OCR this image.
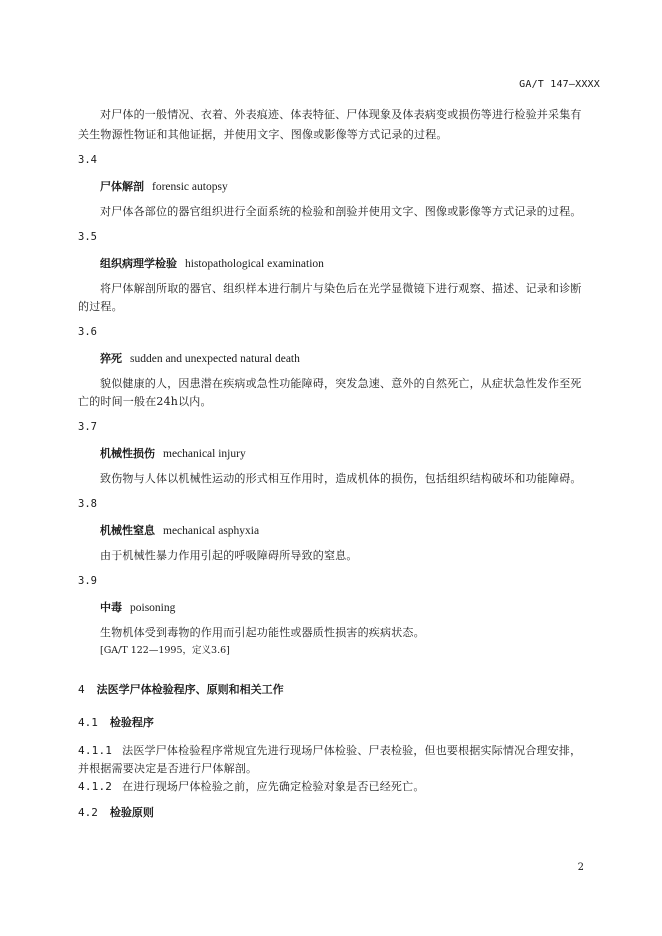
GA/T 147—XXXX
对尸体的一般情况、衣着、外表痕迹、体表特征、尸体现象及体表病变或损伤等进行检验并采集有
关生物源性物证和其他证据，并使用文字、图像或影像等方式记录的过程。
3.4
尸体解剖 forensic autopsy
对尸体各部位的器官组织进行全面系统的检验和剖验并使用文字、图像或影像等方式记录的过程。
3.5
组织病理学检验 histopathological examination
将尸体解剖所取的器官、组织样本进行制片与染色后在光学显微镜下进行观察、描述、记录和诊断
的过程。
3.6
猝死 sudden and unexpected natural death
貌似健康的人，因患潜在疾病或急性功能障碍，突发急速、意外的自然死亡，从症状急性发作至死
亡的时间一般在24h以内。
3.7
机械性损伤 mechanical injury
致伤物与人体以机械性运动的形式相互作用时，造成机体的损伤，包括组织结构破坏和功能障碍。
3.8
机械性窒息 mechanical asphyxia
由于机械性暴力作用引起的呼吸障碍所导致的窒息。
3.9
中毒 poisoning
生物机体受到毒物的作用而引起功能性或器质性损害的疾病状态。
[GA/T 122—1995，定义3.6]
4 法医学尸体检验程序、原则和相关工作
4.1 检验程序
4.1.1 法医学尸体检验程序常规宜先进行现场尸体检验、尸表检验，但也要根据实际情况合理安排，
并根据需要决定是否进行尸体解剖。
4.1.2 在进行现场尸体检验之前，应先确定检验对象是否已经死亡。
4.2 检验原则
2
